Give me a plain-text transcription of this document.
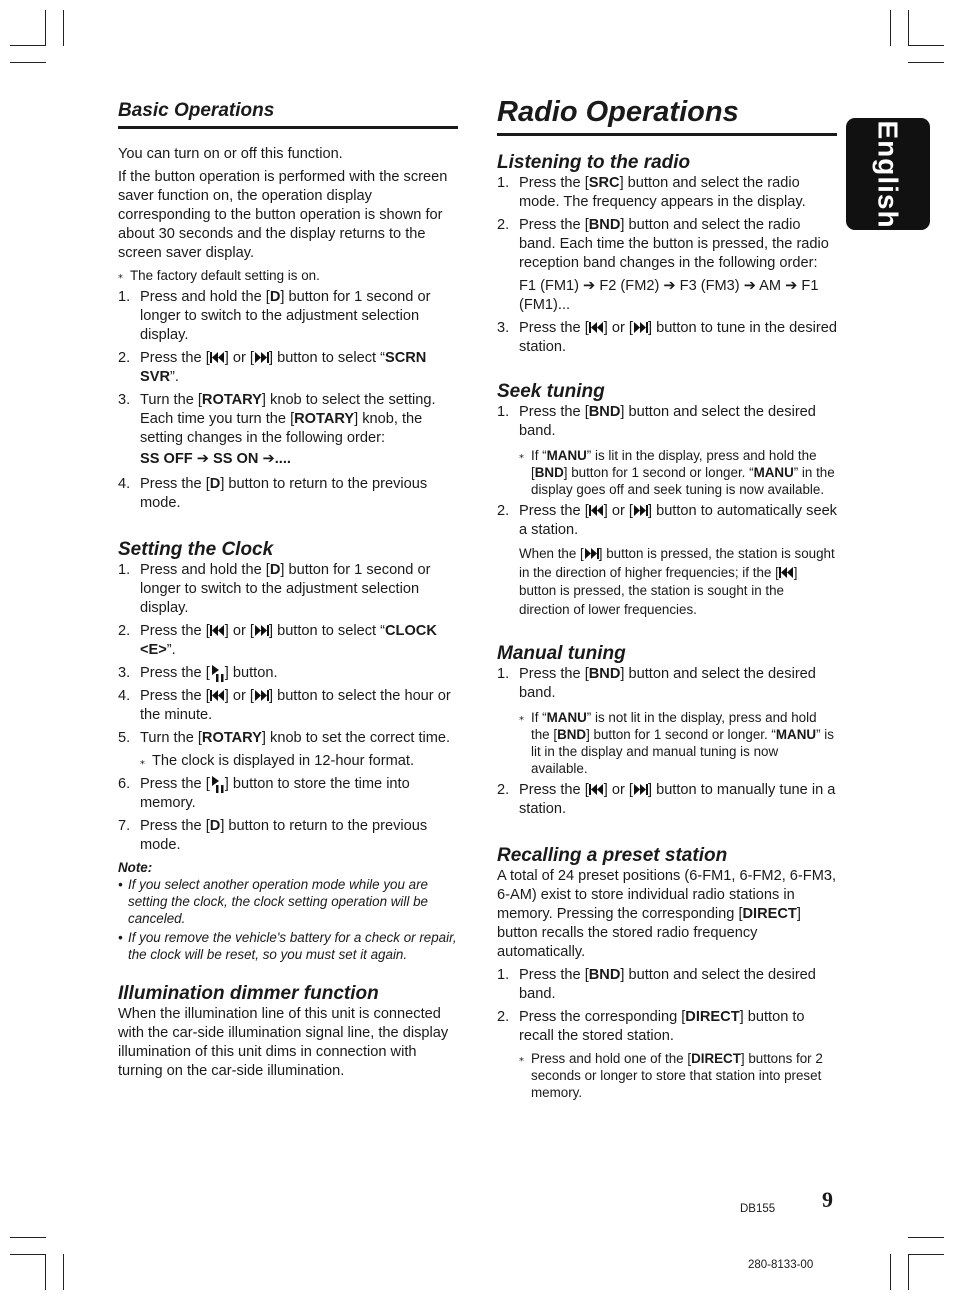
English
Basic Operations

You can turn on or off this function.

If the button operation is performed with the screen saver function on, the operation display corresponding to the button operation is shown for about 30 seconds and the display returns to the screen saver display.

⁎ The factory default setting is on.

1. Press and hold the [D] button for 1 second or longer to switch to the adjustment selection display.
2. Press the [ ] or [ ] button to select “SCRN SVR”.
3. Turn the [ROTARY] knob to select the setting. Each time you turn the [ROTARY] knob, the setting changes in the following order:
SS OFF ➔ SS ON ➔....
4. Press the [D] button to return to the previous mode.
Setting the Clock
1. Press and hold the [D] button for 1 second or longer to switch to the adjustment selection display.
2. Press the [ ] or [ ] button to select “CLOCK <E>”.
3. Press the [ ] button.
4. Press the [ ] or [ ] button to select the hour or the minute.
5. Turn the [ROTARY] knob to set the correct time.

⁎ The clock is displayed in 12-hour format.

6. Press the [ ] button to store the time into memory.
7. Press the [D] button to return to the previous mode.
Note:
• If you select another operation mode while you are setting the clock, the clock setting operation will be canceled.
• If you remove the vehicle's battery for a check or repair, the clock will be reset, so you must set it again.
Illumination dimmer function

When the illumination line of this unit is connected with the car-side illumination signal line, the display illumination of this unit dims in connection with turning on the car-side illumination.

Radio Operations
Listening to the radio
1. Press the [SRC] button and select the radio mode. The frequency appears in the display.
2. Press the [BND] button and select the radio band. Each time the button is pressed, the radio reception band changes in the following order:
F1 (FM1) ➔ F2 (FM2) ➔ F3 (FM3) ➔ AM ➔ F1 (FM1)...
3. Press the [ ] or [ ] button to tune in the desired station.
Seek tuning
1. Press the [BND] button and select the desired band.

⁎ If “MANU” is lit in the display, press and hold the [BND] button for 1 second or longer. “MANU” in the display goes off and seek tuning is now available.

2. Press the [ ] or [ ] button to automatically seek a station.

When the [ ] button is pressed, the station is sought in the direction of higher frequencies; if the [ ] button is pressed, the station is sought in the direction of lower frequencies.

Manual tuning
1. Press the [BND] button and select the desired band.

⁎ If “MANU” is not lit in the display, press and hold the [BND] button for 1 second or longer. “MANU” is lit in the display and manual tuning is now available.

2. Press the [ ] or [ ] button to manually tune in a station.
Recalling a preset station

A total of 24 preset positions (6-FM1, 6-FM2, 6-FM3, 6-AM) exist to store individual radio stations in memory. Pressing the corresponding [DIRECT] button recalls the stored radio frequency automatically.

1. Press the [BND] button and select the desired band.
2. Press the corresponding [DIRECT] button to recall the stored station.

⁎ Press and hold one of the [DIRECT] buttons for 2 seconds or longer to store that station into preset memory.

DB155 9
280-8133-00
